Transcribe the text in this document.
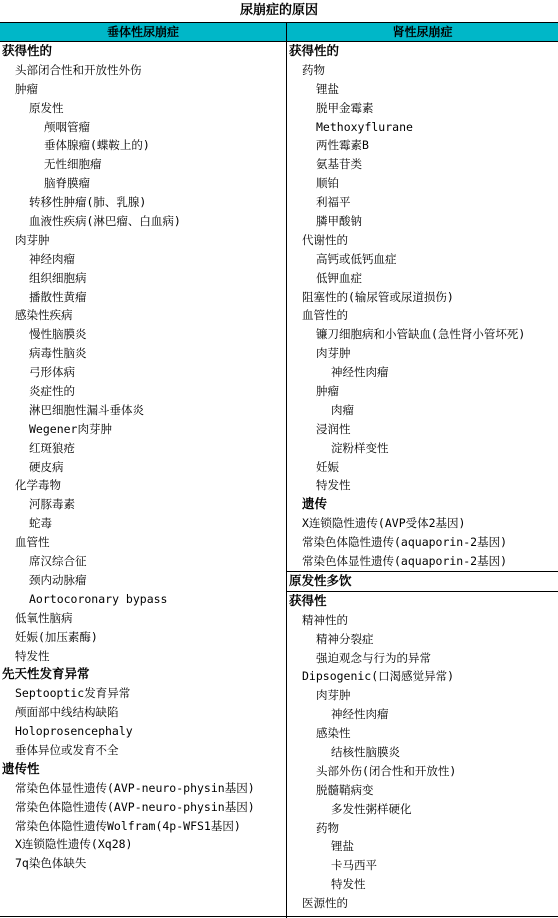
尿崩症的原因
垂体性尿崩症
获得性的
头部闭合性和开放性外伤
肿瘤
原发性
颅咽管瘤
垂体腺瘤(蝶鞍上的)
无性细胞瘤
脑脊膜瘤
转移性肿瘤(肺、乳腺)
血液性疾病(淋巴瘤、白血病)
肉芽肿
神经肉瘤
组织细胞病
播散性黄瘤
感染性疾病
慢性脑膜炎
病毒性脑炎
弓形体病
炎症性的
淋巴细胞性漏斗垂体炎
Wegener肉芽肿
红斑狼疮
硬皮病
化学毒物
河豚毒素
蛇毒
血管性
席汉综合征
颈内动脉瘤
Aortocoronary bypass
低氧性脑病
妊娠(加压素酶)
特发性
先天性发育异常
Septooptic发育异常
颅面部中线结构缺陷
Holoprosencephaly
垂体异位或发育不全
遗传性
常染色体显性遗传(AVP-neuro-physin基因)
常染色体隐性遗传(AVP-neuro-physin基因)
常染色体隐性遗传Wolfram(4p-WFS1基因)
X连锁隐性遗传(Xq28)
7q染色体缺失
肾性尿崩症
获得性的
药物
锂盐
脱甲金霉素
Methoxyflurane
两性霉素B
氨基苷类
顺铂
利福平
膦甲酸钠
代谢性的
高钙或低钙血症
低钾血症
阻塞性的(输尿管或尿道损伤)
血管性的
镰刀细胞病和小管缺血(急性肾小管坏死)
肉芽肿
神经性肉瘤
肿瘤
肉瘤
浸润性
淀粉样变性
妊娠
特发性
遗传
X连锁隐性遗传(AVP受体2基因)
常染色体隐性遗传(aquaporin-2基因)
常染色体显性遗传(aquaporin-2基因)
原发性多饮
获得性
精神性的
精神分裂症
强迫观念与行为的异常
Dipsogenic(口渴感觉异常)
肉芽肿
神经性肉瘤
感染性
结核性脑膜炎
头部外伤(闭合性和开放性)
脱髓鞘病变
多发性粥样硬化
药物
锂盐
卡马西平
特发性
医源性的
